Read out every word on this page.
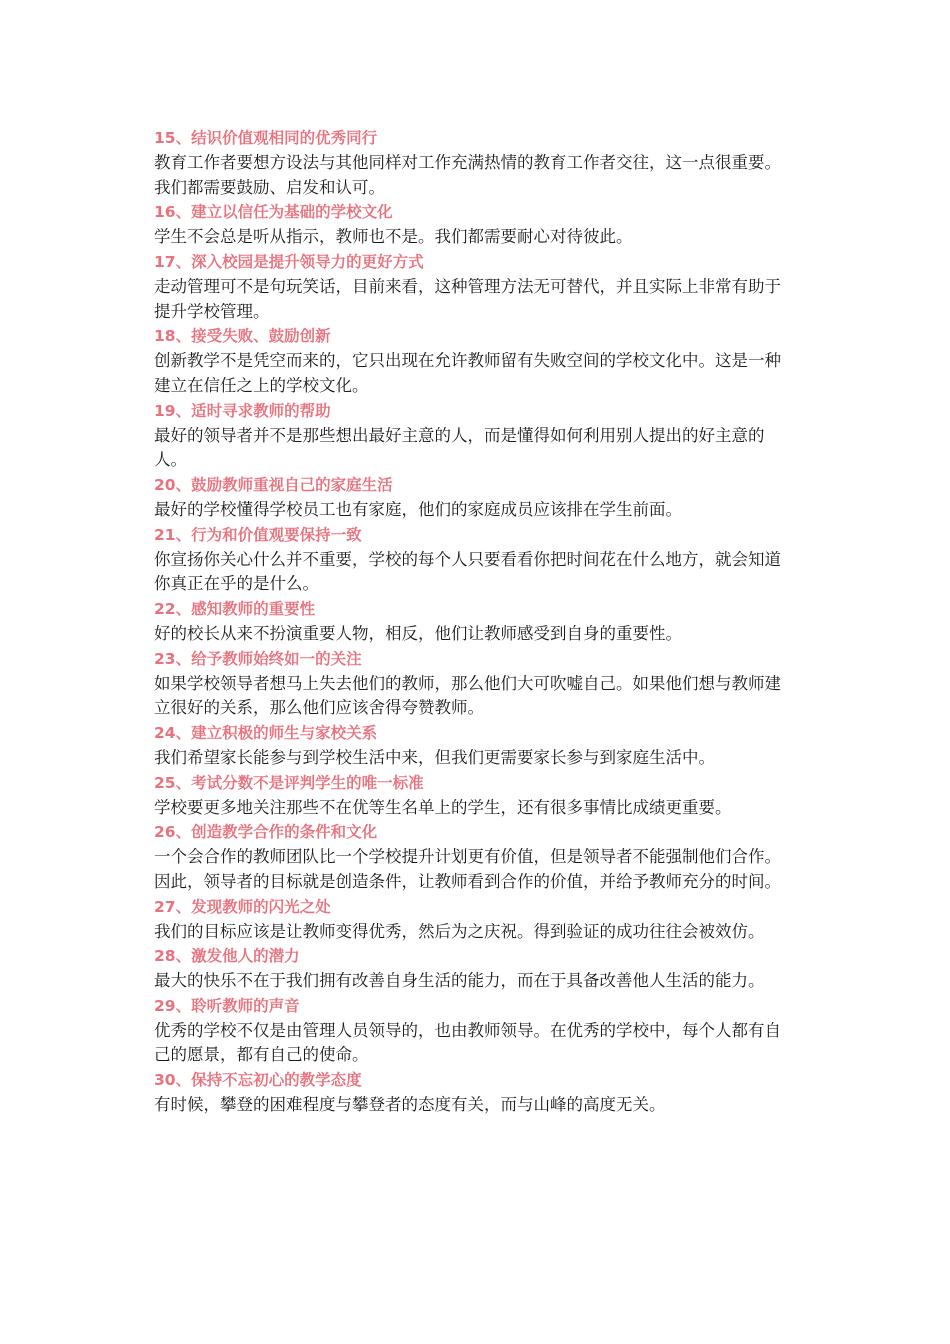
15、结识价值观相同的优秀同行
教育工作者要想方设法与其他同样对工作充满热情的教育工作者交往，这一点很重要。我们都需要鼓励、启发和认可。
16、建立以信任为基础的学校文化
学生不会总是听从指示，教师也不是。我们都需要耐心对待彼此。
17、深入校园是提升领导力的更好方式
走动管理可不是句玩笑话，目前来看，这种管理方法无可替代，并且实际上非常有助于提升学校管理。
18、接受失败、鼓励创新
创新教学不是凭空而来的，它只出现在允许教师留有失败空间的学校文化中。这是一种建立在信任之上的学校文化。
19、适时寻求教师的帮助
最好的领导者并不是那些想出最好主意的人，而是懂得如何利用别人提出的好主意的人。
20、鼓励教师重视自己的家庭生活
最好的学校懂得学校员工也有家庭，他们的家庭成员应该排在学生前面。
21、行为和价值观要保持一致
你宣扬你关心什么并不重要，学校的每个人只要看看你把时间花在什么地方，就会知道你真正在乎的是什么。
22、感知教师的重要性
好的校长从来不扮演重要人物，相反，他们让教师感受到自身的重要性。
23、给予教师始终如一的关注
如果学校领导者想马上失去他们的教师，那么他们大可吹嘘自己。如果他们想与教师建立很好的关系，那么他们应该舍得夸赞教师。
24、建立积极的师生与家校关系
我们希望家长能参与到学校生活中来，但我们更需要家长参与到家庭生活中。
25、考试分数不是评判学生的唯一标准
学校要更多地关注那些不在优等生名单上的学生，还有很多事情比成绩更重要。
26、创造教学合作的条件和文化
一个会合作的教师团队比一个学校提升计划更有价值，但是领导者不能强制他们合作。因此，领导者的目标就是创造条件，让教师看到合作的价值，并给予教师充分的时间。
27、发现教师的闪光之处
我们的目标应该是让教师变得优秀，然后为之庆祝。得到验证的成功往往会被效仿。
28、激发他人的潜力
最大的快乐不在于我们拥有改善自身生活的能力，而在于具备改善他人生活的能力。
29、聆听教师的声音
优秀的学校不仅是由管理人员领导的，也由教师领导。在优秀的学校中，每个人都有自己的愿景，都有自己的使命。
30、保持不忘初心的教学态度
有时候，攀登的困难程度与攀登者的态度有关，而与山峰的高度无关。
